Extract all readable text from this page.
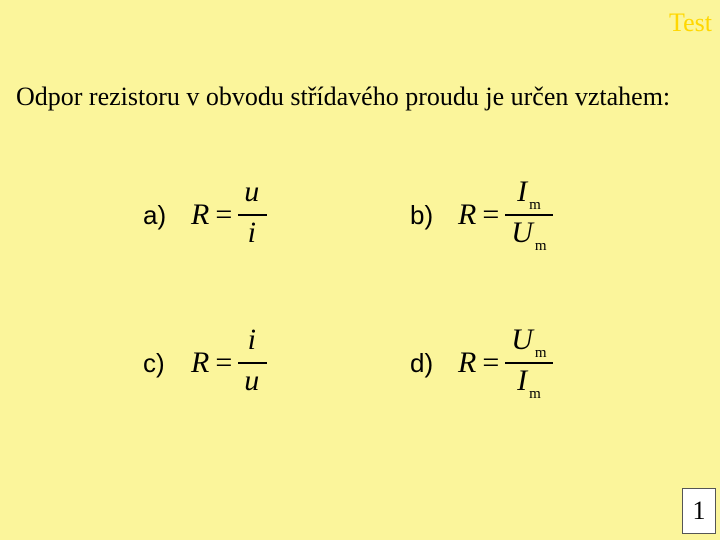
Test
Odpor rezistoru v obvodu střídavého proudu je určen vztahem:
a) $R = \frac{u}{i}$	b) $R = \frac{I _m}{U _m}$
c) $R = \frac{i}{u}$	d) $R = \frac{U _m}{I _m}$
1
